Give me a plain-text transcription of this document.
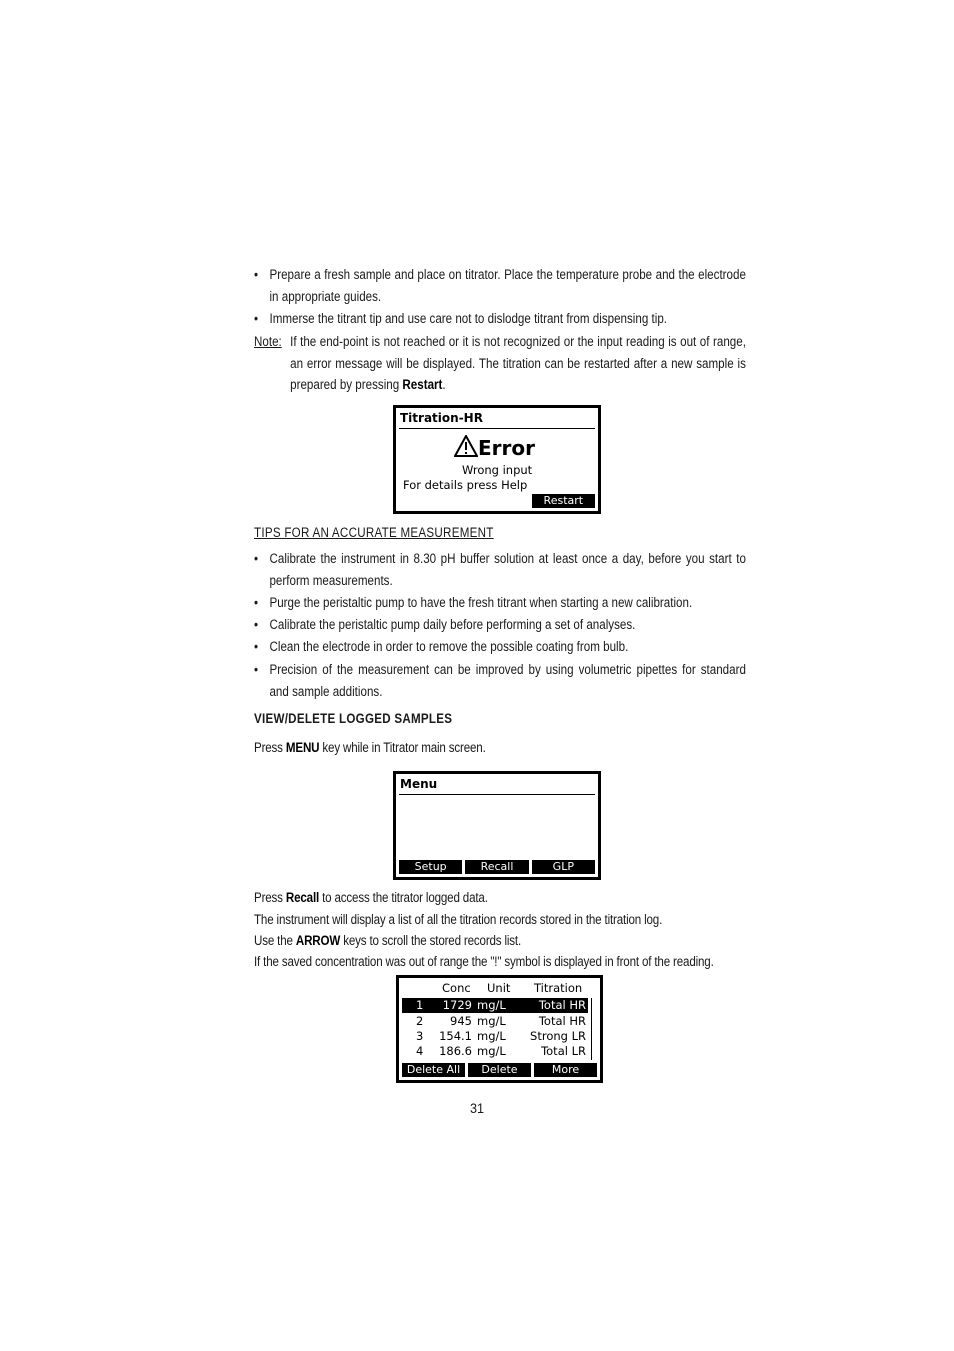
• Prepare a fresh sample and place on titrator. Place the temperature probe and the electrode in appropriate guides.
• Immerse the titrant tip and use care not to dislodge titrant from dispensing tip.
Note: If the end-point is not reached or it is not recognized or the input reading is out of range, an error message will be displayed. The titration can be restarted after a new sample is prepared by pressing Restart.
Titration-HR
Error
Wrong input
For details press Help
Restart
TIPS FOR AN ACCURATE MEASUREMENT
• Calibrate the instrument in 8.30 pH buffer solution at least once a day, before you start to perform measurements.
• Purge the peristaltic pump to have the fresh titrant when starting a new calibration.
• Calibrate the peristaltic pump daily before performing a set of analyses.
• Clean the electrode in order to remove the possible coating from bulb.
• Precision of the measurement can be improved by using volumetric pipettes for standard and sample additions.
VIEW/DELETE LOGGED SAMPLES
Press MENU key while in Titrator main screen.
Menu
Setup	Recall	GLP
Press Recall to access the titrator logged data.
The instrument will display a list of all the titration records stored in the titration log.
Use the ARROW keys to scroll the stored records list.
If the saved concentration was out of range the "!" symbol is displayed in front of the reading.
Conc Unit Titration
1	1729 mg/L	Total HR
2	945 mg/L	Total HR
3 154.1 mg/L	Strong LR
4 186.6 mg/L	Total LR
Delete All	Delete	More
31
